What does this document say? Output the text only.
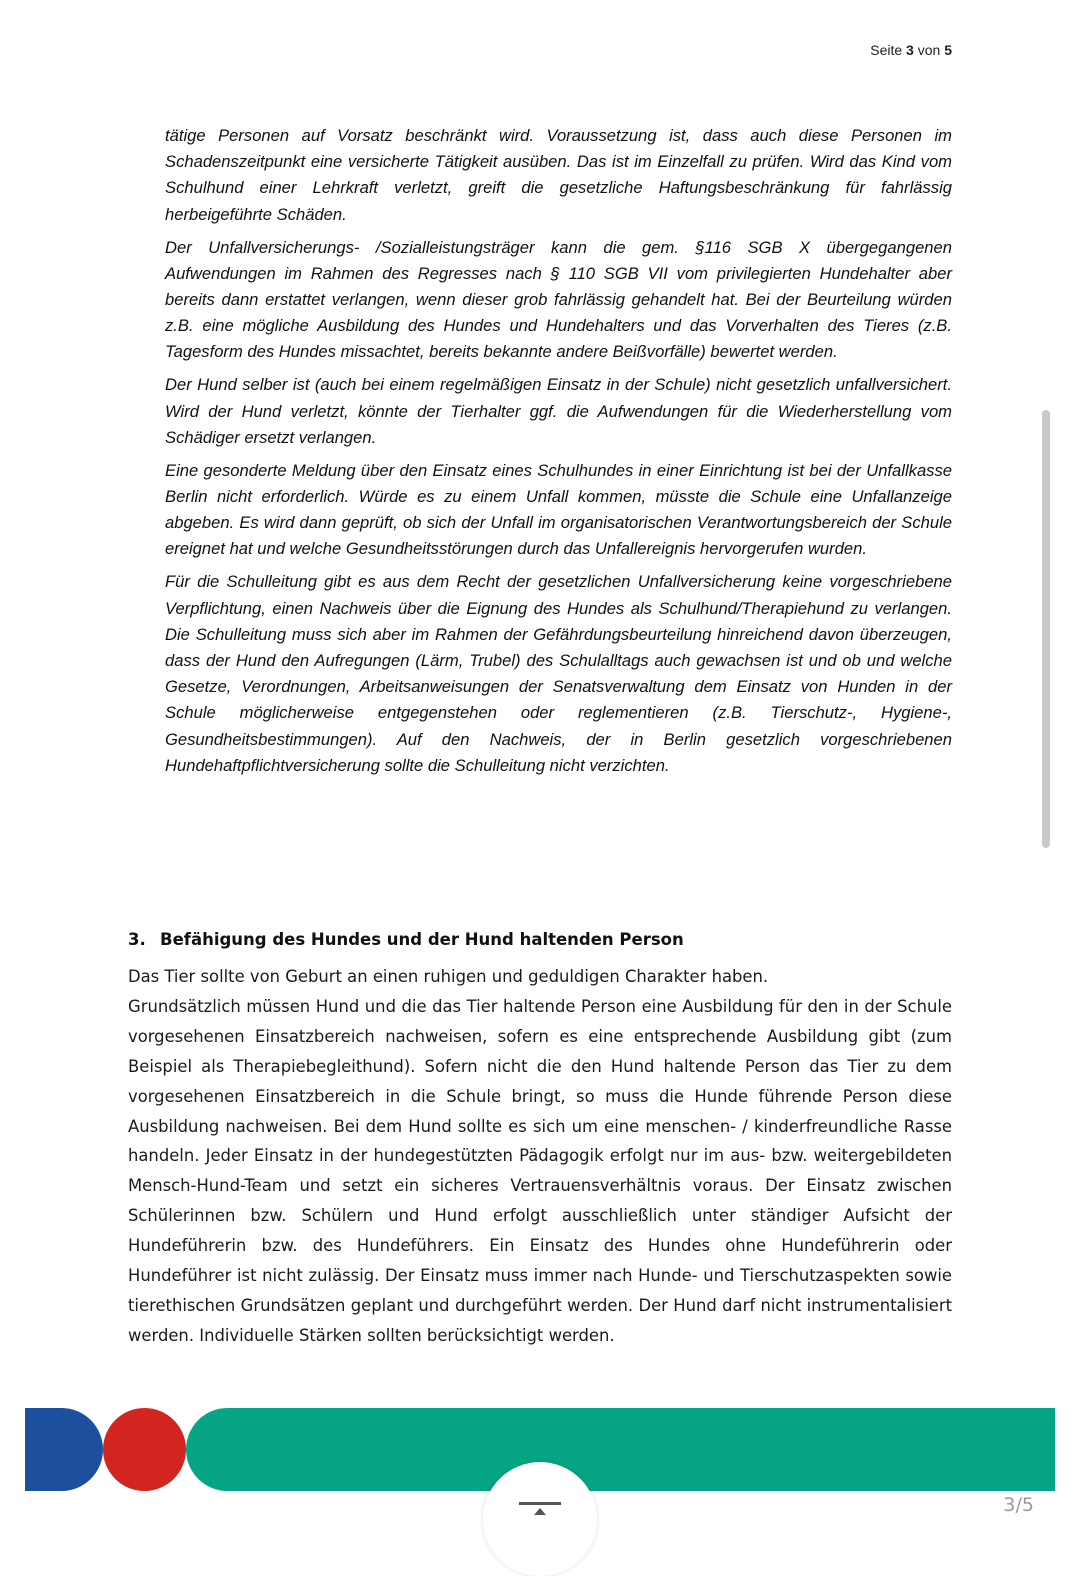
Seite 3 von 5

tätige Personen auf Vorsatz beschränkt wird. Voraussetzung ist, dass auch diese Personen im Schadenszeitpunkt eine versicherte Tätigkeit ausüben. Das ist im Einzelfall zu prüfen. Wird das Kind vom Schulhund einer Lehrkraft verletzt, greift die gesetzliche Haftungsbeschränkung für fahrlässig herbeigeführte Schäden.

Der Unfallversicherungs- /Sozialleistungsträger kann die gem. §116 SGB X übergegangenen Aufwendungen im Rahmen des Regresses nach § 110 SGB VII vom privilegierten Hundehalter aber bereits dann erstattet verlangen, wenn dieser grob fahrlässig gehandelt hat. Bei der Beurteilung würden z.B. eine mögliche Ausbildung des Hundes und Hundehalters und das Vorverhalten des Tieres (z.B. Tagesform des Hundes missachtet, bereits bekannte andere Beißvorfälle) bewertet werden.

Der Hund selber ist (auch bei einem regelmäßigen Einsatz in der Schule) nicht gesetzlich unfallversichert. Wird der Hund verletzt, könnte der Tierhalter ggf. die Aufwendungen für die Wiederherstellung vom Schädiger ersetzt verlangen.

Eine gesonderte Meldung über den Einsatz eines Schulhundes in einer Einrichtung ist bei der Unfallkasse Berlin nicht erforderlich. Würde es zu einem Unfall kommen, müsste die Schule eine Unfallanzeige abgeben. Es wird dann geprüft, ob sich der Unfall im organisatorischen Verantwortungsbereich der Schule ereignet hat und welche Gesundheitsstörungen durch das Unfallereignis hervorgerufen wurden.

Für die Schulleitung gibt es aus dem Recht der gesetzlichen Unfallversicherung keine vorgeschriebene Verpflichtung, einen Nachweis über die Eignung des Hundes als Schulhund/Therapiehund zu verlangen. Die Schulleitung muss sich aber im Rahmen der Gefährdungsbeurteilung hinreichend davon überzeugen, dass der Hund den Aufregungen (Lärm, Trubel) des Schulalltags auch gewachsen ist und ob und welche Gesetze, Verordnungen, Arbeitsanweisungen der Senatsverwaltung dem Einsatz von Hunden in der Schule möglicherweise entgegenstehen oder reglementieren (z.B. Tierschutz-, Hygiene-, Gesundheitsbestimmungen). Auf den Nachweis, der in Berlin gesetzlich vorgeschriebenen Hundehaftpflichtversicherung sollte die Schulleitung nicht verzichten.

3. Befähigung des Hundes und der Hund haltenden Person

Das Tier sollte von Geburt an einen ruhigen und geduldigen Charakter haben.
Grundsätzlich müssen Hund und die das Tier haltende Person eine Ausbildung für den in der Schule vorgesehenen Einsatzbereich nachweisen, sofern es eine entsprechende Ausbildung gibt (zum Beispiel als Therapiebegleithund). Sofern nicht die den Hund haltende Person das Tier zu dem vorgesehenen Einsatzbereich in die Schule bringt, so muss die Hunde führende Person diese Ausbildung nachweisen. Bei dem Hund sollte es sich um eine menschen- / kinderfreundliche Rasse handeln. Jeder Einsatz in der hundegestützten Pädagogik erfolgt nur im aus- bzw. weitergebildeten Mensch-Hund-Team und setzt ein sicheres Vertrauensverhältnis voraus. Der Einsatz zwischen Schülerinnen bzw. Schülern und Hund erfolgt ausschließlich unter ständiger Aufsicht der Hundeführerin bzw. des Hundeführers. Ein Einsatz des Hundes ohne Hundeführerin oder Hundeführer ist nicht zulässig. Der Einsatz muss immer nach Hunde- und Tierschutzaspekten sowie tierethischen Grundsätzen geplant und durchgeführt werden. Der Hund darf nicht instrumentalisiert werden. Individuelle Stärken sollten berücksichtigt werden.

3/5
